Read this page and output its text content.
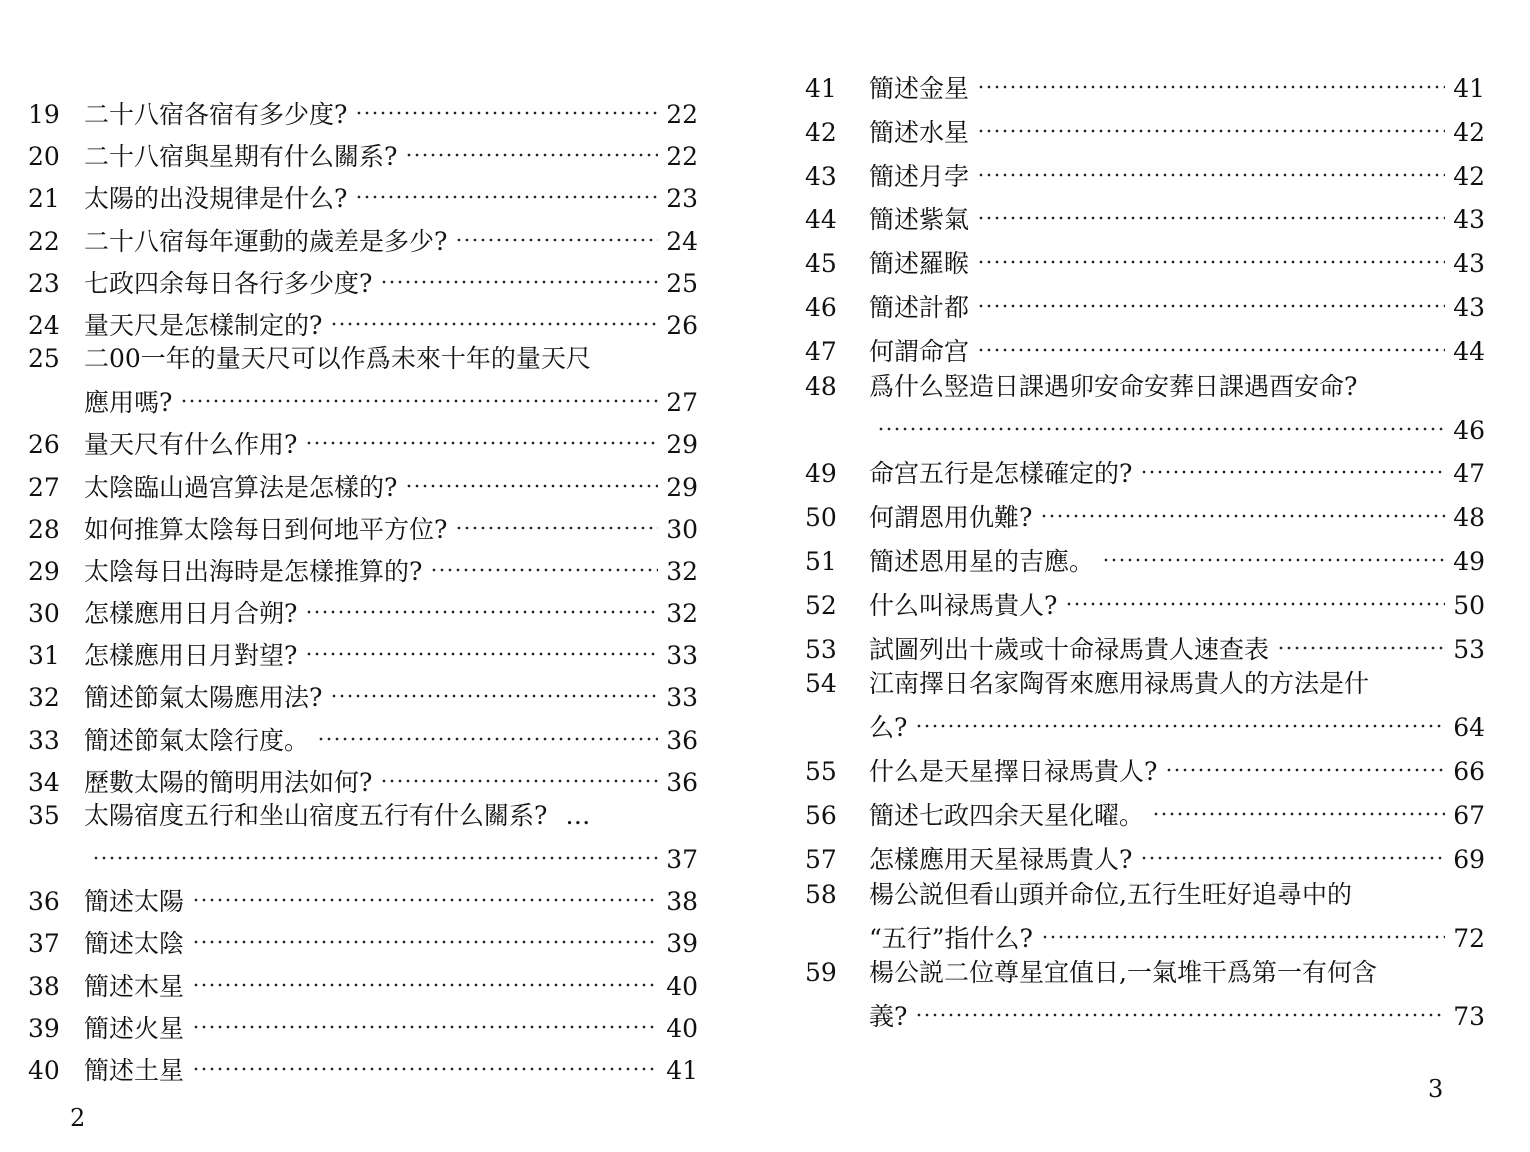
19 二十八宿各宿有多少度?	22
20 二十八宿與星期有什么關系?	22
21 太陽的出没規律是什么?	23
22 二十八宿每年運動的歲差是多少?	24
23 七政四余每日各行多少度?	25
24 量天尺是怎樣制定的?	26
25 二00一年的量天尺可以作爲未來十年的量天尺
應用嗎?	27
26 量天尺有什么作用?	29
27 太陰臨山過宫算法是怎樣的?	29
28 如何推算太陰每日到何地平方位?	30
29 太陰每日出海時是怎樣推算的?	32
30 怎樣應用日月合朔?	32
31 怎樣應用日月對望?	33
32 簡述節氣太陽應用法?	33
33 簡述節氣太陰行度。	36
34 歷數太陽的簡明用法如何?	36
35 太陽宿度五行和坐山宿度五行有什么關系? …
37
36 簡述太陽	38
37 簡述太陰	39
38 簡述木星	40
39 簡述火星	40
40 簡述土星	41
2
41	簡述金星	41
42	簡述水星	42
43	簡述月孛	42
44	簡述紫氣	43
45	簡述羅睺	43
46	簡述計都	43
47	何謂命宫	44
48	爲什么竪造日課遇卯安命安葬日課遇酉安命?
46
49	命宫五行是怎樣確定的?	47
50	何謂恩用仇難?	48
51	簡述恩用星的吉應。	49
52	什么叫禄馬貴人?	50
53	試圖列出十歲或十命禄馬貴人速查表	53
54	江南擇日名家陶胥來應用禄馬貴人的方法是什
么?	64
55	什么是天星擇日禄馬貴人?	66
56	簡述七政四余天星化曜。	67
57	怎樣應用天星禄馬貴人?	69
58	楊公説但看山頭并命位,五行生旺好追尋中的
“五行”指什么?	72
59	楊公説二位尊星宜值日,一氣堆干爲第一有何含
義?	73
3
